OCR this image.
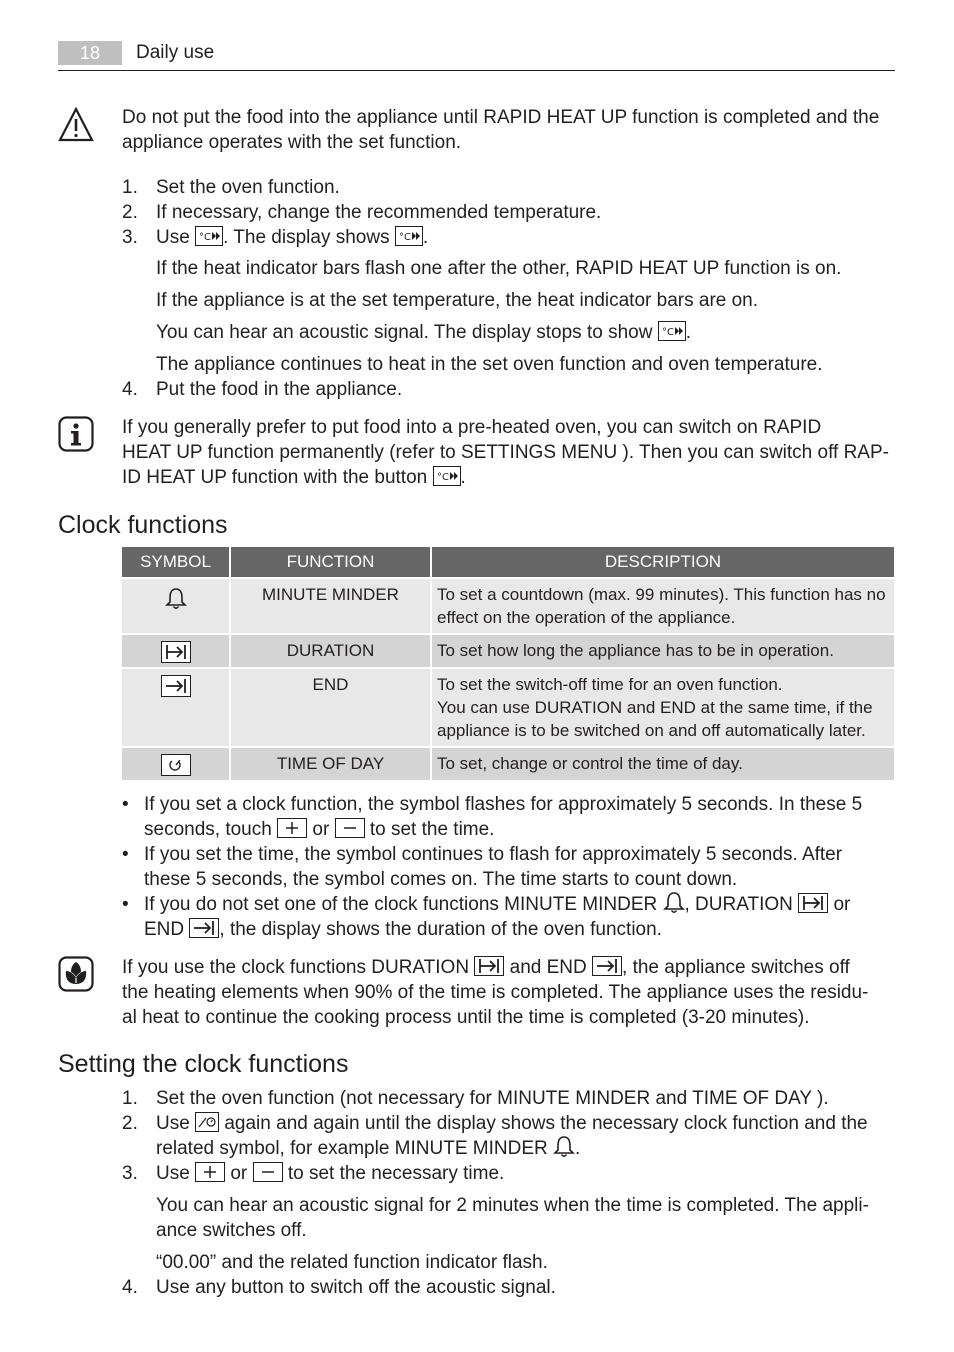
18	Daily use
Do not put the food into the appliance until RAPID HEAT UP function is completed and the appliance operates with the set function.
1. Set the oven function.
2. If necessary, change the recommended temperature.
3. Use °C . The display shows °C .
If the heat indicator bars flash one after the other, RAPID HEAT UP function is on.
If the appliance is at the set temperature, the heat indicator bars are on.
You can hear an acoustic signal. The display stops to show °C .
The appliance continues to heat in the set oven function and oven temperature.
4. Put the food in the appliance.
If you generally prefer to put food into a pre-heated oven, you can switch on RAPID
HEAT UP function permanently (refer to SETTINGS MENU ). Then you can switch off RAP-
ID HEAT UP function with the button °C .
Clock functions
SYMBOL	FUNCTION	DESCRIPTION
	MINUTE MINDER	To set a countdown (max. 99 minutes). This function has no effect on the operation of the appliance.

	DURATION	To set how long the appliance has to be in operation.

	END	To set the switch-off time for an oven function.
You can use DURATION and END at the same time, if the appliance is to be switched on and off automatically later.

	TIME OF DAY	To set, change or control the time of day.
• If you set a clock function, the symbol flashes for approximately 5 seconds. In these 5
seconds, touch or to set the time.
• If you set the time, the symbol continues to flash for approximately 5 seconds. After
these 5 seconds, the symbol comes on. The time starts to count down.
• If you do not set one of the clock functions MINUTE MINDER , DURATION or
END , the display shows the duration of the oven function.
If you use the clock functions DURATION and END , the appliance switches off
the heating elements when 90% of the time is completed. The appliance uses the residu-
al heat to continue the cooking process until the time is completed (3-20 minutes).
Setting the clock functions
1. Set the oven function (not necessary for MINUTE MINDER and TIME OF DAY ).
2. Use again and again until the display shows the necessary clock function and the
related symbol, for example MINUTE MINDER .
3. Use or to set the necessary time.
You can hear an acoustic signal for 2 minutes when the time is completed. The appli-
ance switches off.
“00.00” and the related function indicator flash.
4. Use any button to switch off the acoustic signal.
